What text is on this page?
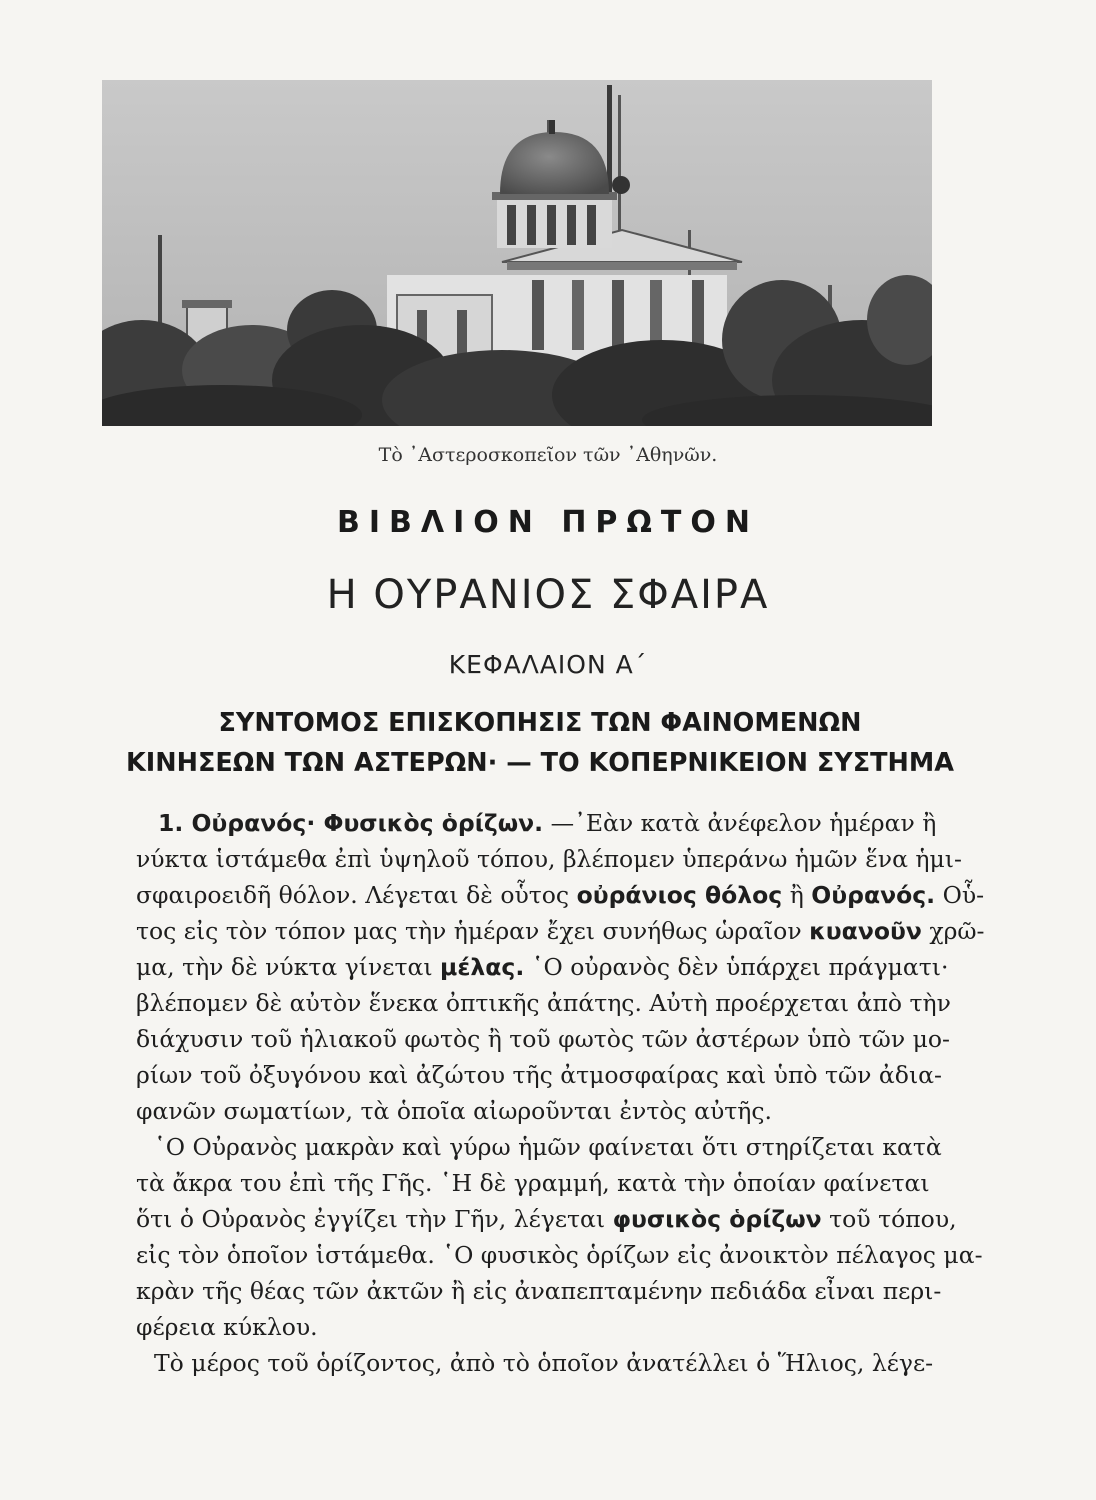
Τὸ ᾿Αστεροσκοπεῖον τῶν ᾿Αθηνῶν.
ΒΙΒΛΙΟΝ ΠΡΩΤΟΝ
Η ΟΥΡΑΝΙΟΣ ΣΦΑΙΡΑ
ΚΕΦΑΛΑΙΟΝ Α΄
ΣΥΝΤΟΜΟΣ ΕΠΙΣΚΟΠΗΣΙΣ ΤΩΝ ΦΑΙΝΟΜΕΝΩΝ
ΚΙΝΗΣΕΩΝ ΤΩΝ ΑΣΤΕΡΩΝ· — ΤΟ ΚΟΠΕΡΝΙΚΕΙΟΝ ΣΥΣΤΗΜΑ
1. Οὐρανός· Φυσικὸς ὁρίζων. —᾿Εὰν κατὰ ἀνέφελον ἡμέραν ἢ
νύκτα ἱστάμεθα ἐπὶ ὑψηλοῦ τόπου, βλέπομεν ὑπεράνω ἡμῶν ἕνα ἡμι-
σφαιροειδῆ θόλον. Λέγεται δὲ οὗτος οὐράνιος θόλος ἢ Οὐρανός. Οὗ-
τος εἰς τὸν τόπον μας τὴν ἡμέραν ἔχει συνήθως ὡραῖον κυανοῦν χρῶ-
μα, τὴν δὲ νύκτα γίνεται μέλας. ῾Ο οὐρανὸς δὲν ὑπάρχει πράγματι·
βλέπομεν δὲ αὐτὸν ἕνεκα ὀπτικῆς ἀπάτης. Αὐτὴ προέρχεται ἀπὸ τὴν
διάχυσιν τοῦ ἡλιακοῦ φωτὸς ἢ τοῦ φωτὸς τῶν ἀστέρων ὑπὸ τῶν μο-
ρίων τοῦ ὀξυγόνου καὶ ἀζώτου τῆς ἀτμοσφαίρας καὶ ὑπὸ τῶν ἀδια-
φανῶν σωματίων, τὰ ὁποῖα αἰωροῦνται ἐντὸς αὐτῆς.
῾Ο Οὐρανὸς μακρὰν καὶ γύρω ἡμῶν φαίνεται ὅτι στηρίζεται κατὰ
τὰ ἄκρα του ἐπὶ τῆς Γῆς. ῾Η δὲ γραμμή, κατὰ τὴν ὁποίαν φαίνεται
ὅτι ὁ Οὐρανὸς ἐγγίζει τὴν Γῆν, λέγεται φυσικὸς ὁρίζων τοῦ τόπου,
εἰς τὸν ὁποῖον ἱστάμεθα. ῾Ο φυσικὸς ὁρίζων εἰς ἀνοικτὸν πέλαγος μα-
κρὰν τῆς θέας τῶν ἀκτῶν ἢ εἰς ἀναπεπταμένην πεδιάδα εἶναι περι-
φέρεια κύκλου.
Τὸ μέρος τοῦ ὁρίζοντος, ἀπὸ τὸ ὁποῖον ἀνατέλλει ὁ Ἥλιος, λέγε-
